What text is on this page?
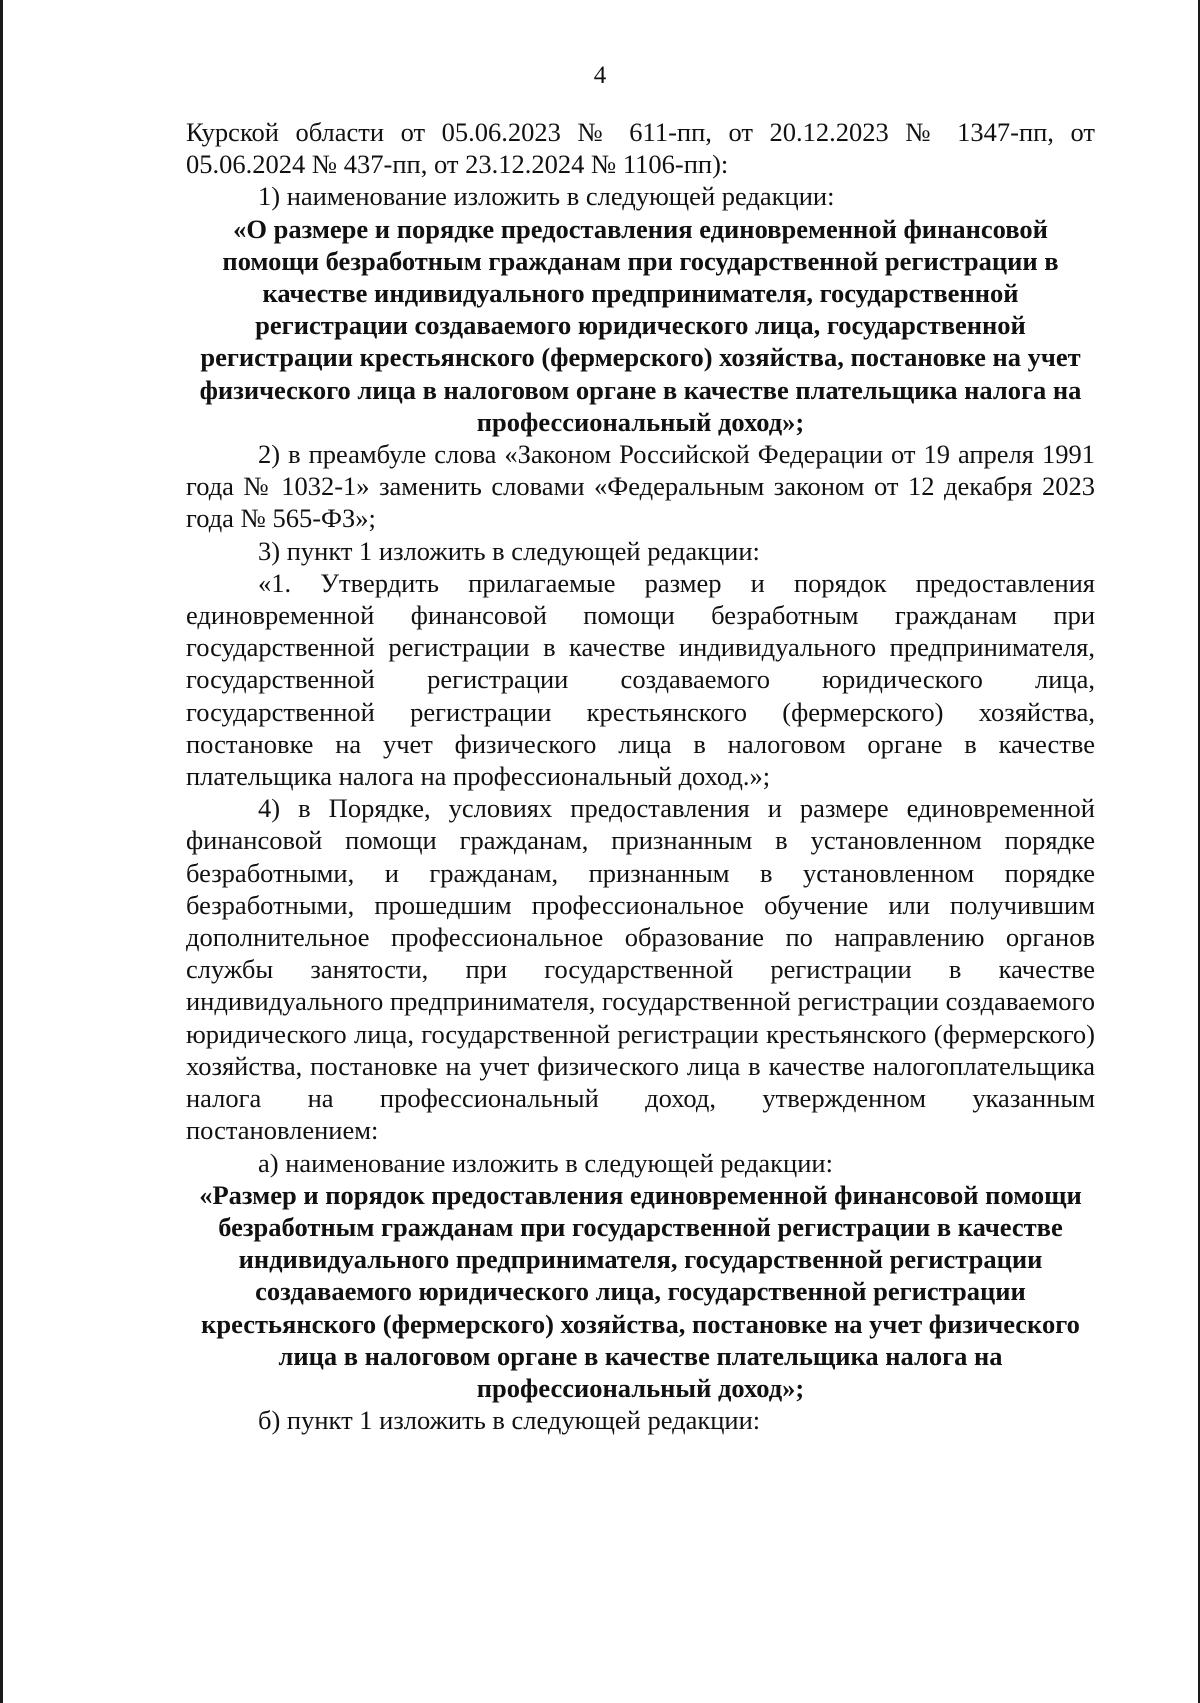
4

Курской области от 05.06.2023 № 611-пп, от 20.12.2023 № 1347-пп, от 05.06.2024 № 437-пп, от 23.12.2024 № 1106-пп):

1) наименование изложить в следующей редакции:

«О размере и порядке предоставления единовременной финансовой помощи безработным гражданам при государственной регистрации в качестве индивидуального предпринимателя, государственной регистрации создаваемого юридического лица, государственной регистрации крестьянского (фермерского) хозяйства, постановке на учет физического лица в налоговом органе в качестве плательщика налога на профессиональный доход»;

2) в преамбуле слова «Законом Российской Федерации от 19 апреля 1991 года № 1032-1» заменить словами «Федеральным законом от 12 декабря 2023 года № 565-ФЗ»;

3) пункт 1 изложить в следующей редакции:

«1. Утвердить прилагаемые размер и порядок предоставления единовременной финансовой помощи безработным гражданам при государственной регистрации в качестве индивидуального предпринимателя, государственной регистрации создаваемого юридического лица, государственной регистрации крестьянского (фермерского) хозяйства, постановке на учет физического лица в налоговом органе в качестве плательщика налога на профессиональный доход.»;

4) в Порядке, условиях предоставления и размере единовременной финансовой помощи гражданам, признанным в установленном порядке безработными, и гражданам, признанным в установленном порядке безработными, прошедшим профессиональное обучение или получившим дополнительное профессиональное образование по направлению органов службы занятости, при государственной регистрации в качестве индивидуального предпринимателя, государственной регистрации создаваемого юридического лица, государственной регистрации крестьянского (фермерского) хозяйства, постановке на учет физического лица в качестве налогоплательщика налога на профессиональный доход, утвержденном указанным постановлением:

а) наименование изложить в следующей редакции:

«Размер и порядок предоставления единовременной финансовой помощи безработным гражданам при государственной регистрации в качестве индивидуального предпринимателя, государственной регистрации создаваемого юридического лица, государственной регистрации крестьянского (фермерского) хозяйства, постановке на учет физического лица в налоговом органе в качестве плательщика налога на профессиональный доход»;

б) пункт 1 изложить в следующей редакции:
